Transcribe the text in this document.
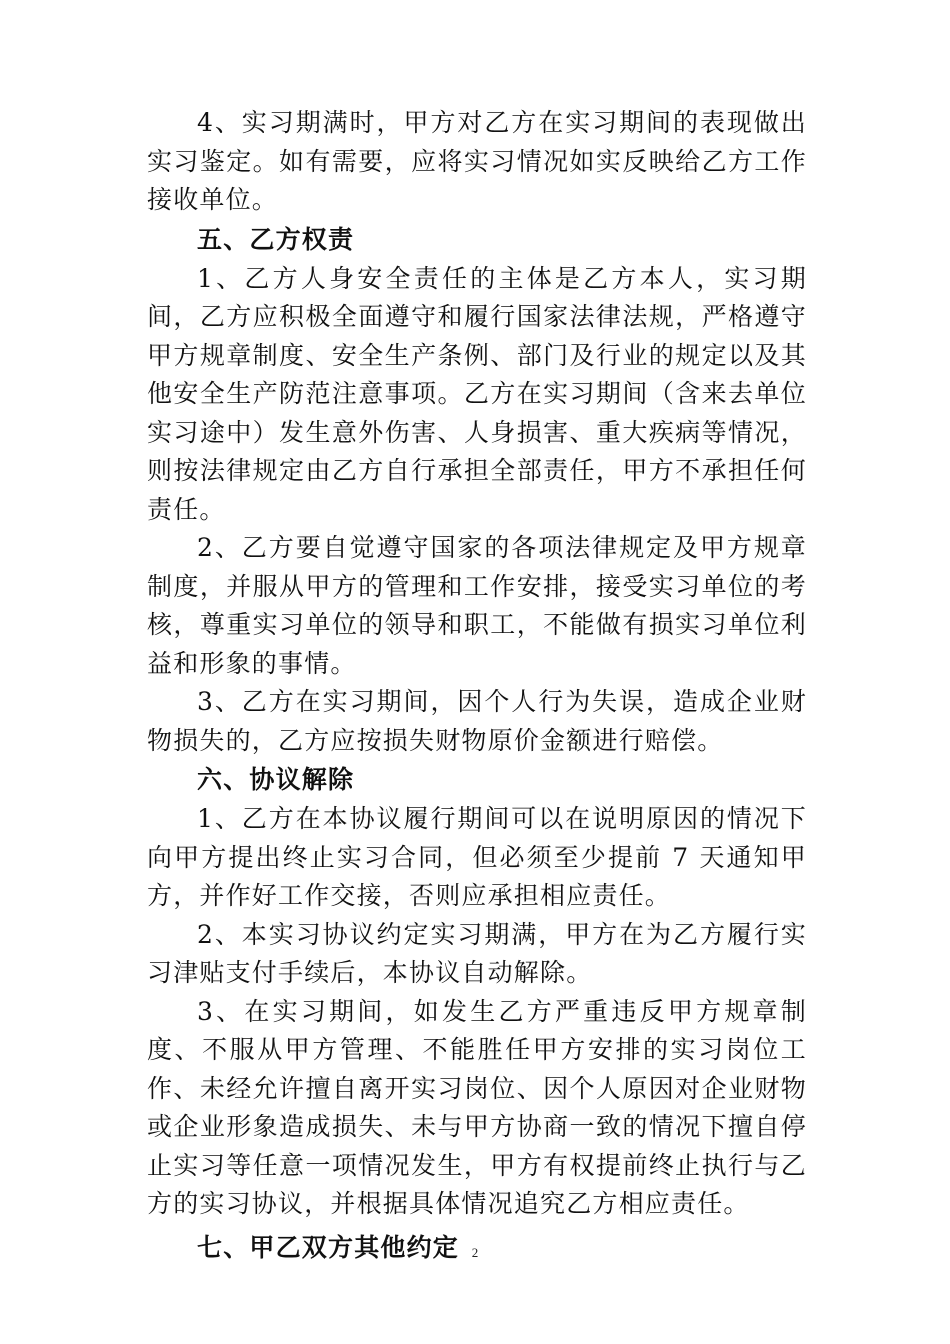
4、实习期满时，甲方对乙方在实习期间的表现做出实习鉴定。如有需要，应将实习情况如实反映给乙方工作接收单位。

五、乙方权责

1、乙方人身安全责任的主体是乙方本人，实习期间，乙方应积极全面遵守和履行国家法律法规，严格遵守甲方规章制度、安全生产条例、部门及行业的规定以及其他安全生产防范注意事项。乙方在实习期间（含来去单位实习途中）发生意外伤害、人身损害、重大疾病等情况，则按法律规定由乙方自行承担全部责任，甲方不承担任何责任。

2、乙方要自觉遵守国家的各项法律规定及甲方规章制度，并服从甲方的管理和工作安排，接受实习单位的考核，尊重实习单位的领导和职工，不能做有损实习单位利益和形象的事情。

3、乙方在实习期间，因个人行为失误，造成企业财物损失的，乙方应按损失财物原价金额进行赔偿。

六、协议解除

1、乙方在本协议履行期间可以在说明原因的情况下向甲方提出终止实习合同，但必须至少提前 7 天通知甲方，并作好工作交接，否则应承担相应责任。

2、本实习协议约定实习期满，甲方在为乙方履行实习津贴支付手续后，本协议自动解除。

3、在实习期间，如发生乙方严重违反甲方规章制度、不服从甲方管理、不能胜任甲方安排的实习岗位工作、未经允许擅自离开实习岗位、因个人原因对企业财物或企业形象造成损失、未与甲方协商一致的情况下擅自停止实习等任意一项情况发生，甲方有权提前终止执行与乙方的实习协议，并根据具体情况追究乙方相应责任。

七、甲乙双方其他约定 2
